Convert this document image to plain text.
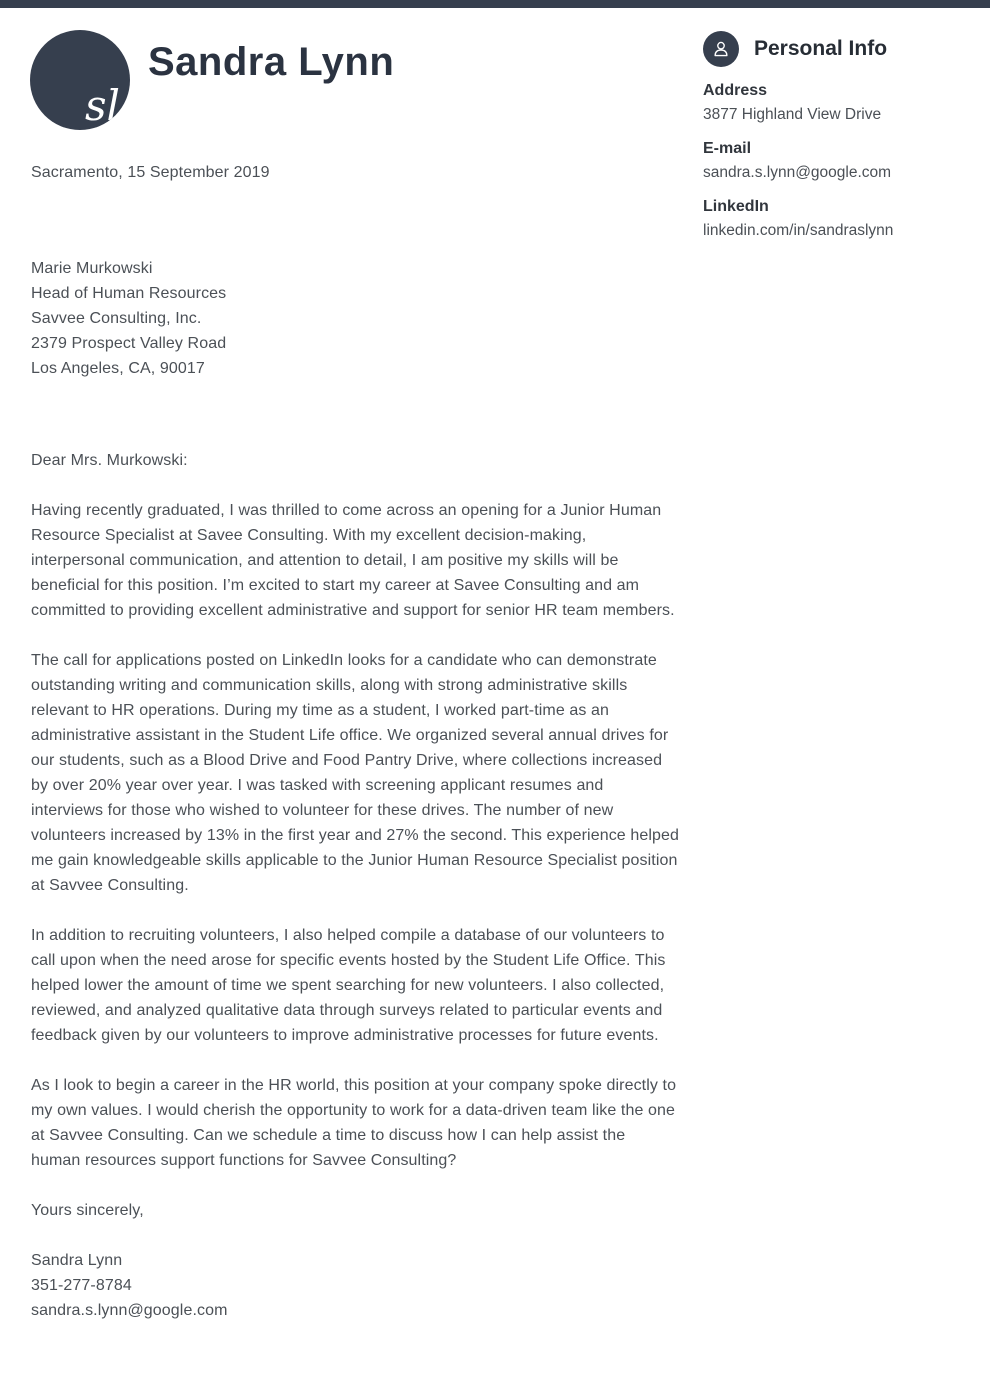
sl
Sandra Lynn	Personal Info
Address
3877 Highland View Drive
E-mail
sandra.s.lynn@google.com
LinkedIn
linkedin.com/in/sandraslynn
Sacramento, 15 September 2019
Marie Murkowski
Head of Human Resources
Savvee Consulting, Inc.
2379 Prospect Valley Road
Los Angeles, CA, 90017
Dear Mrs. Murkowski:

Having recently graduated, I was thrilled to come across an opening for a Junior Human Resource Specialist at Savee Consulting. With my excellent decision-making, interpersonal communication, and attention to detail, I am positive my skills will be beneficial for this position. I’m excited to start my career at Savee Consulting and am committed to providing excellent administrative and support for senior HR team members.

The call for applications posted on LinkedIn looks for a candidate who can demonstrate outstanding writing and communication skills, along with strong administrative skills relevant to HR operations. During my time as a student, I worked part-time as an administrative assistant in the Student Life office. We organized several annual drives for our students, such as a Blood Drive and Food Pantry Drive, where collections increased by over 20% year over year. I was tasked with screening applicant resumes and interviews for those who wished to volunteer for these drives. The number of new volunteers increased by 13% in the first year and 27% the second. This experience helped me gain knowledgeable skills applicable to the Junior Human Resource Specialist position at Savvee Consulting.

In addition to recruiting volunteers, I also helped compile a database of our volunteers to call upon when the need arose for specific events hosted by the Student Life Office. This helped lower the amount of time we spent searching for new volunteers. I also collected, reviewed, and analyzed qualitative data through surveys related to particular events and feedback given by our volunteers to improve administrative processes for future events.

As I look to begin a career in the HR world, this position at your company spoke directly to my own values. I would cherish the opportunity to work for a data-driven team like the one at Savvee Consulting. Can we schedule a time to discuss how I can help assist the human resources support functions for Savvee Consulting?

Yours sincerely,
Sandra Lynn
351-277-8784
sandra.s.lynn@google.com
